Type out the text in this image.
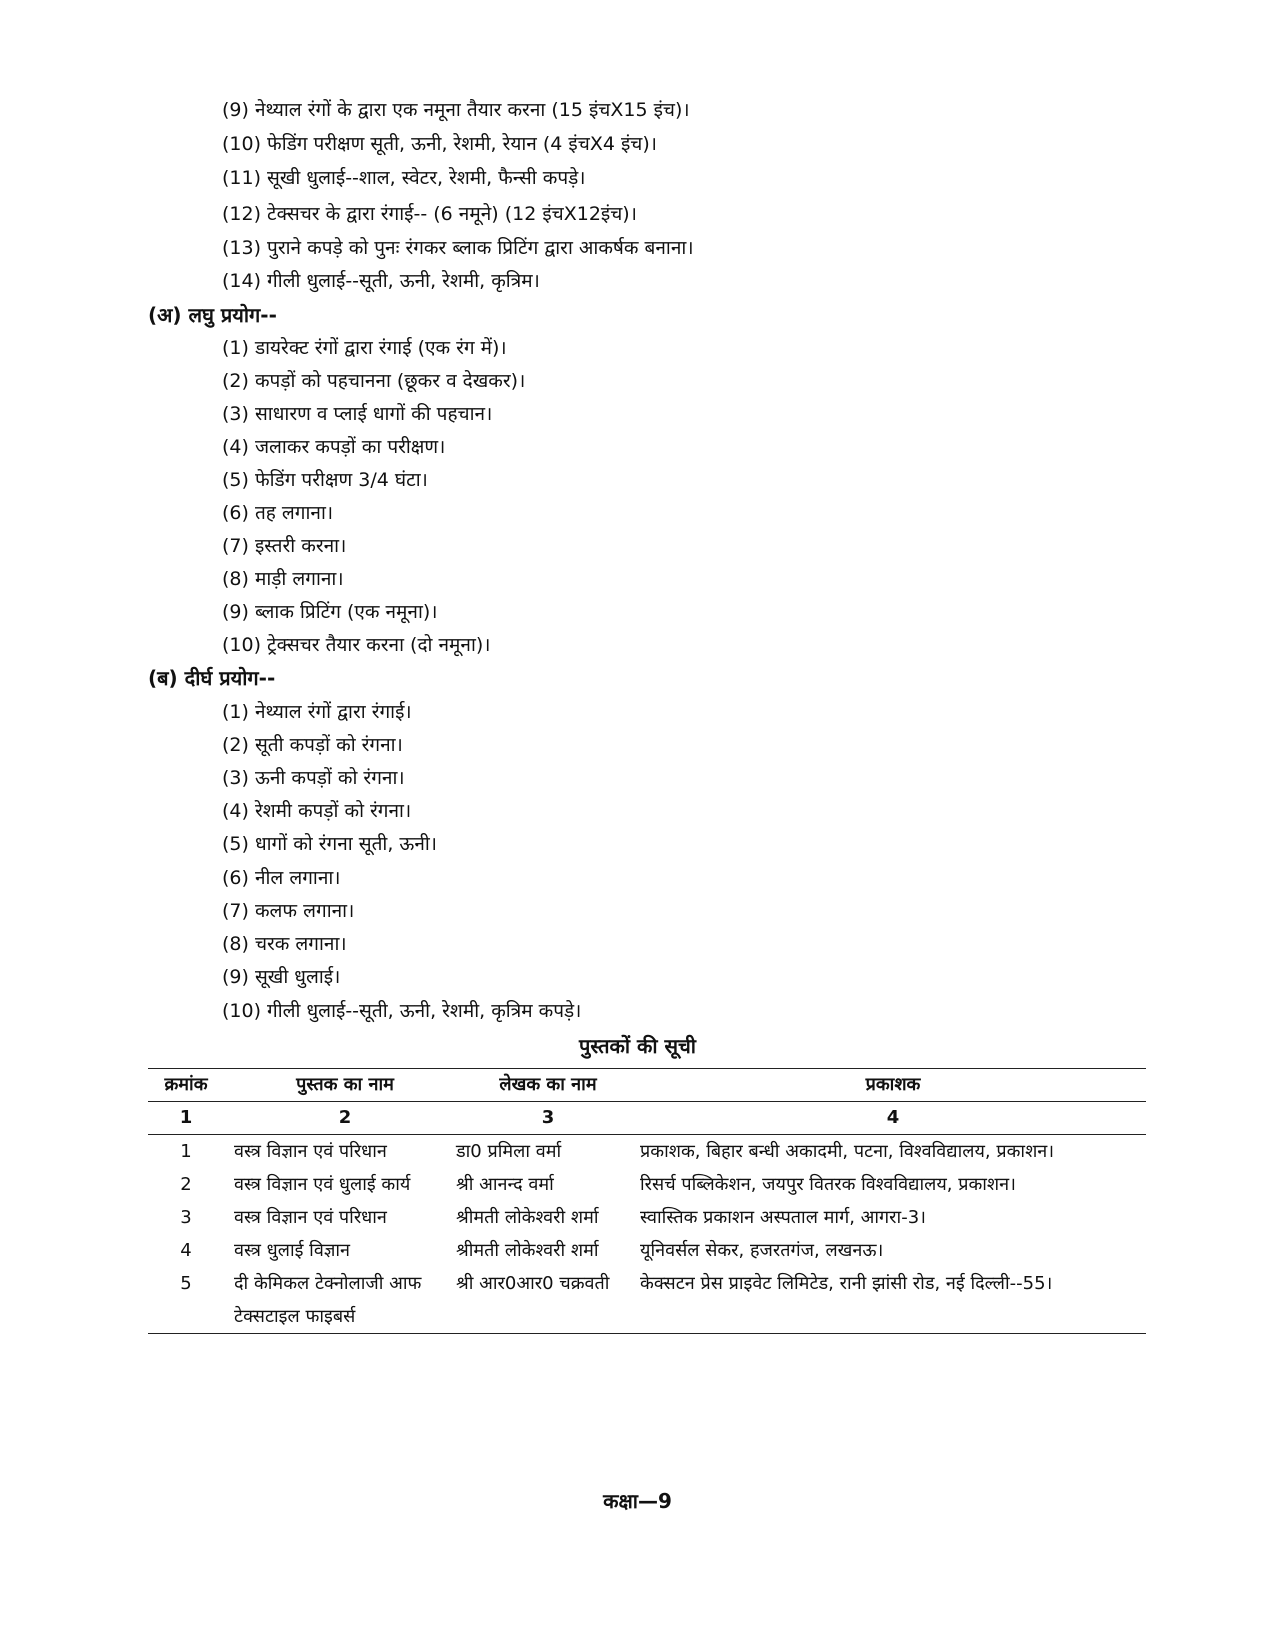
(9) नेथ्याल रंगों के द्वारा एक नमूना तैयार करना (15 इंचX15 इंच)।
(10) फेडिंग परीक्षण सूती, ऊनी, रेशमी, रेयान (4 इंचX4 इंच)।
(11) सूखी धुलाई--शाल, स्वेटर, रेशमी, फैन्सी कपड़े।
(12) टेक्सचर के द्वारा रंगाई-- (6 नमूने) (12 इंचX12इंच)।
(13) पुराने कपड़े को पुनः रंगकर ब्लाक प्रिटिंग द्वारा आकर्षक बनाना।
(14) गीली धुलाई--सूती, ऊनी, रेशमी, कृत्रिम।
(अ) लघु प्रयोग--
(1) डायरेक्ट रंगों द्वारा रंगाई (एक रंग में)।
(2) कपड़ों को पहचानना (छूकर व देखकर)।
(3) साधारण व प्लाई धागों की पहचान।
(4) जलाकर कपड़ों का परीक्षण।
(5) फेडिंग परीक्षण 3/4 घंटा।
(6) तह लगाना।
(7) इस्तरी करना।
(8) माड़ी लगाना।
(9) ब्लाक प्रिटिंग (एक नमूना)।
(10) ट्रेक्सचर तैयार करना (दो नमूना)।
(ब) दीर्घ प्रयोग--
(1) नेथ्याल रंगों द्वारा रंगाई।
(2) सूती कपड़ों को रंगना।
(3) ऊनी कपड़ों को रंगना।
(4) रेशमी कपड़ों को रंगना।
(5) धागों को रंगना सूती, ऊनी।
(6) नील लगाना।
(7) कलफ लगाना।
(8) चरक लगाना।
(9) सूखी धुलाई।
(10) गीली धुलाई--सूती, ऊनी, रेशमी, कृत्रिम कपड़े।
पुस्तकों की सूची
क्रमांक	पुस्तक का नाम	लेखक का नाम	प्रकाशक
1	2	3	4
1	वस्त्र विज्ञान एवं परिधान	डा0 प्रमिला वर्मा	प्रकाशक, बिहार बन्धी अकादमी, पटना, विश्वविद्यालय, प्रकाशन।
2	वस्त्र विज्ञान एवं धुलाई कार्य	श्री आनन्द वर्मा	रिसर्च पब्लिकेशन, जयपुर वितरक विश्वविद्यालय, प्रकाशन।
3	वस्त्र विज्ञान एवं परिधान	श्रीमती लोकेश्वरी शर्मा	स्वास्तिक प्रकाशन अस्पताल मार्ग, आगरा-3।
4	वस्त्र धुलाई विज्ञान	श्रीमती लोकेश्वरी शर्मा	यूनिवर्सल सेकर, हजरतगंज, लखनऊ।
5	दी केमिकल टेक्नोलाजी आफ टेक्सटाइल फाइबर्स	श्री आर0आर0 चक्रवती	केक्सटन प्रेस प्राइवेट लिमिटेड, रानी झांसी रोड, नई दिल्ली--55।
कक्षा—9
